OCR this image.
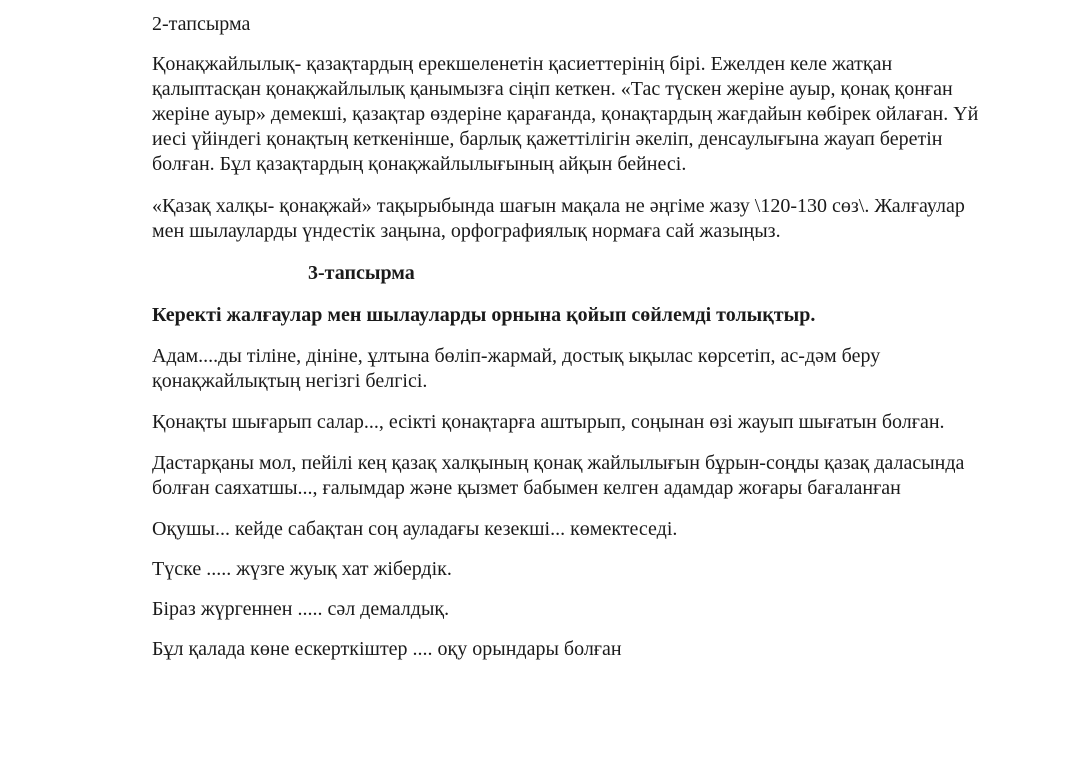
2-тапсырма

Қонақжайлылық- қазақтардың ерекшеленетін қасиеттерінің бірі. Ежелден келе жатқан қалыптасқан қонақжайлылық қанымызға сіңіп кеткен. «Тас түскен жеріне ауыр, қонақ қонған жеріне ауыр» демекші, қазақтар өздеріне қарағанда, қонақтардың жағдайын көбірек ойлаған. Үй иесі үйіндегі қонақтың кеткенінше, барлық қажеттілігін әкеліп, денсаулығына жауап беретін болған. Бұл қазақтардың қонақжайлылығының айқын бейнесі.

«Қазақ халқы- қонақжай» тақырыбында шағын мақала не әңгіме жазу \120-130 сөз\. Жалғаулар мен шылауларды үндестік заңына, орфографиялық нормаға сай жазыңыз.

3-тапсырма

Керекті жалғаулар мен шылауларды орнына қойып сөйлемді толықтыр.

Адам....ды тіліне, дініне, ұлтына бөліп-жармай, достық ықылас көрсетіп, ас-дәм беру қонақжайлықтың негізгі белгісі.

Қонақты шығарып салар..., есікті қонақтарға аштырып, соңынан өзі жауып шығатын болған.

Дастарқаны мол, пейілі кең қазақ халқының қонақ жайлылығын бұрын-соңды қазақ даласында болған саяхатшы..., ғалымдар және қызмет бабымен келген адамдар жоғары бағаланған

Оқушы... кейде сабақтан соң ауладағы кезекші... көмектеседі.

Түске ..... жүзге жуық хат жібердік.

Біраз жүргеннен ..... сәл демалдық.

Бұл қалада көне ескерткіштер .... оқу орындары болған
